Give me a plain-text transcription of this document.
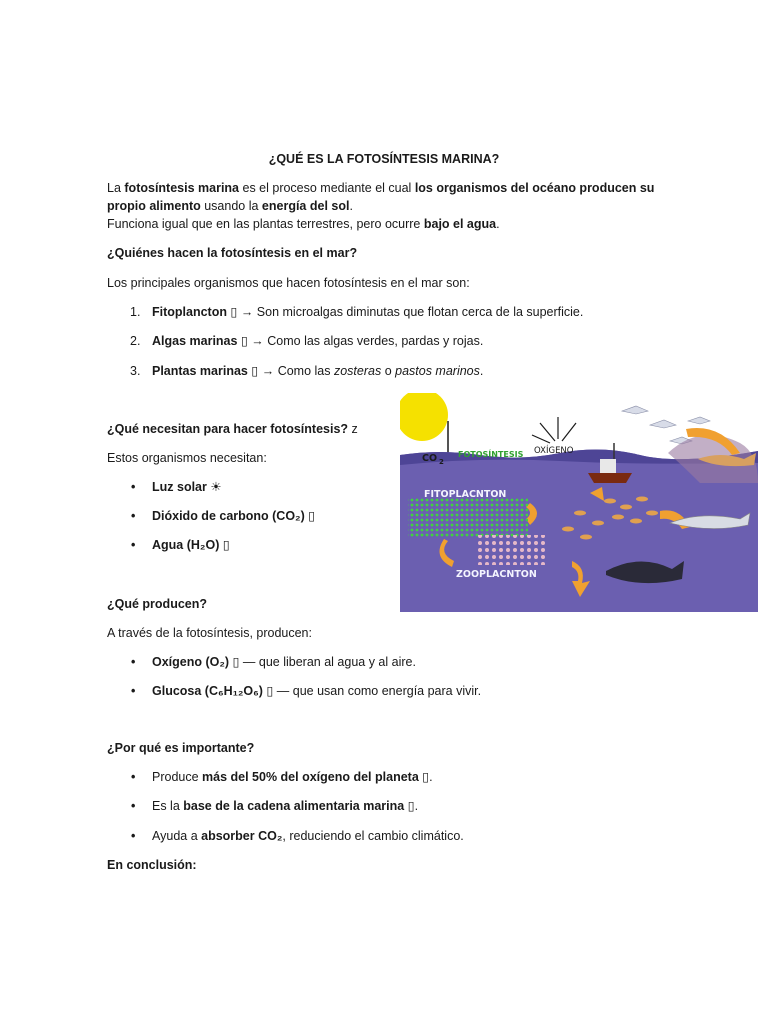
¿QUÉ ES LA FOTOSÍNTESIS MARINA?
La fotosíntesis marina es el proceso mediante el cual los organismos del océano producen su
propio alimento usando la energía del sol.
Funciona igual que en las plantas terrestres, pero ocurre bajo el agua.
¿Quiénes hacen la fotosíntesis en el mar?
Los principales organismos que hacen fotosíntesis en el mar son:
1. Fitoplancton ▯ → Son microalgas diminutas que flotan cerca de la superficie.
2. Algas marinas ▯ → Como las algas verdes, pardas y rojas.
3. Plantas marinas ▯ → Como las zosteras o pastos marinos.
¿Qué necesitan para hacer fotosíntesis? z
Estos organismos necesitan:
• Luz solar ☀
• Dióxido de carbono (CO₂) ▯
• Agua (H₂O) ▯
CO 2
FOTOSÍNTESIS OXÍGENO
FITOPLACNTON
ZOOPLACNTON
¿Qué producen?
A través de la fotosíntesis, producen:
• Oxígeno (O₂) ▯ — que liberan al agua y al aire.
• Glucosa (C₆H₁₂O₆) ▯ — que usan como energía para vivir.
¿Por qué es importante?
• Produce más del 50% del oxígeno del planeta ▯.
• Es la base de la cadena alimentaria marina ▯.
• Ayuda a absorber CO₂, reduciendo el cambio climático.
En conclusión:
